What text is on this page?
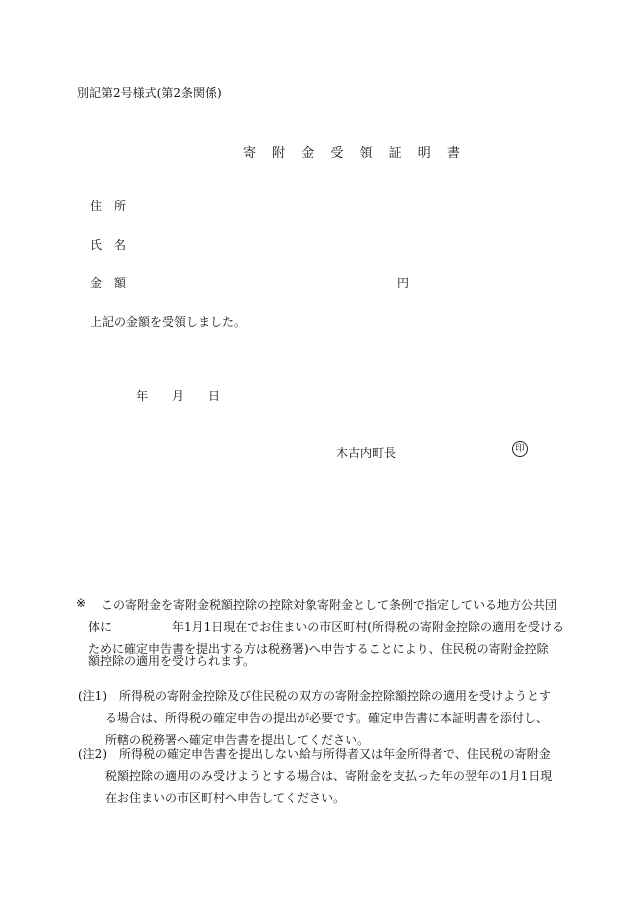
別記第2号様式(第2条関係)
寄 附 金 受 領 証 明 書
住　所
氏　名
金　額	円
上記の金額を受領しました。
年 月 日
木古内町長	印
※ この寄附金を寄附金税額控除の控除対象寄附金として条例で指定している地方公共団
体に　　　　　年1月1日現在でお住まいの市区町村(所得税の寄附金控除の適用を受ける
ために確定申告書を提出する方は税務署)へ申告することにより、住民税の寄附金控除
額控除の適用を受けられます。
(注1) 所得税の寄附金控除及び住民税の双方の寄附金控除額控除の適用を受けようとす
る場合は、所得税の確定申告の提出が必要です。確定申告書に本証明書を添付し、
所轄の税務署へ確定申告書を提出してください。
(注2) 所得税の確定申告書を提出しない給与所得者又は年金所得者で、住民税の寄附金
税額控除の適用のみ受けようとする場合は、寄附金を支払った年の翌年の1月1日現
在お住まいの市区町村へ申告してください。
